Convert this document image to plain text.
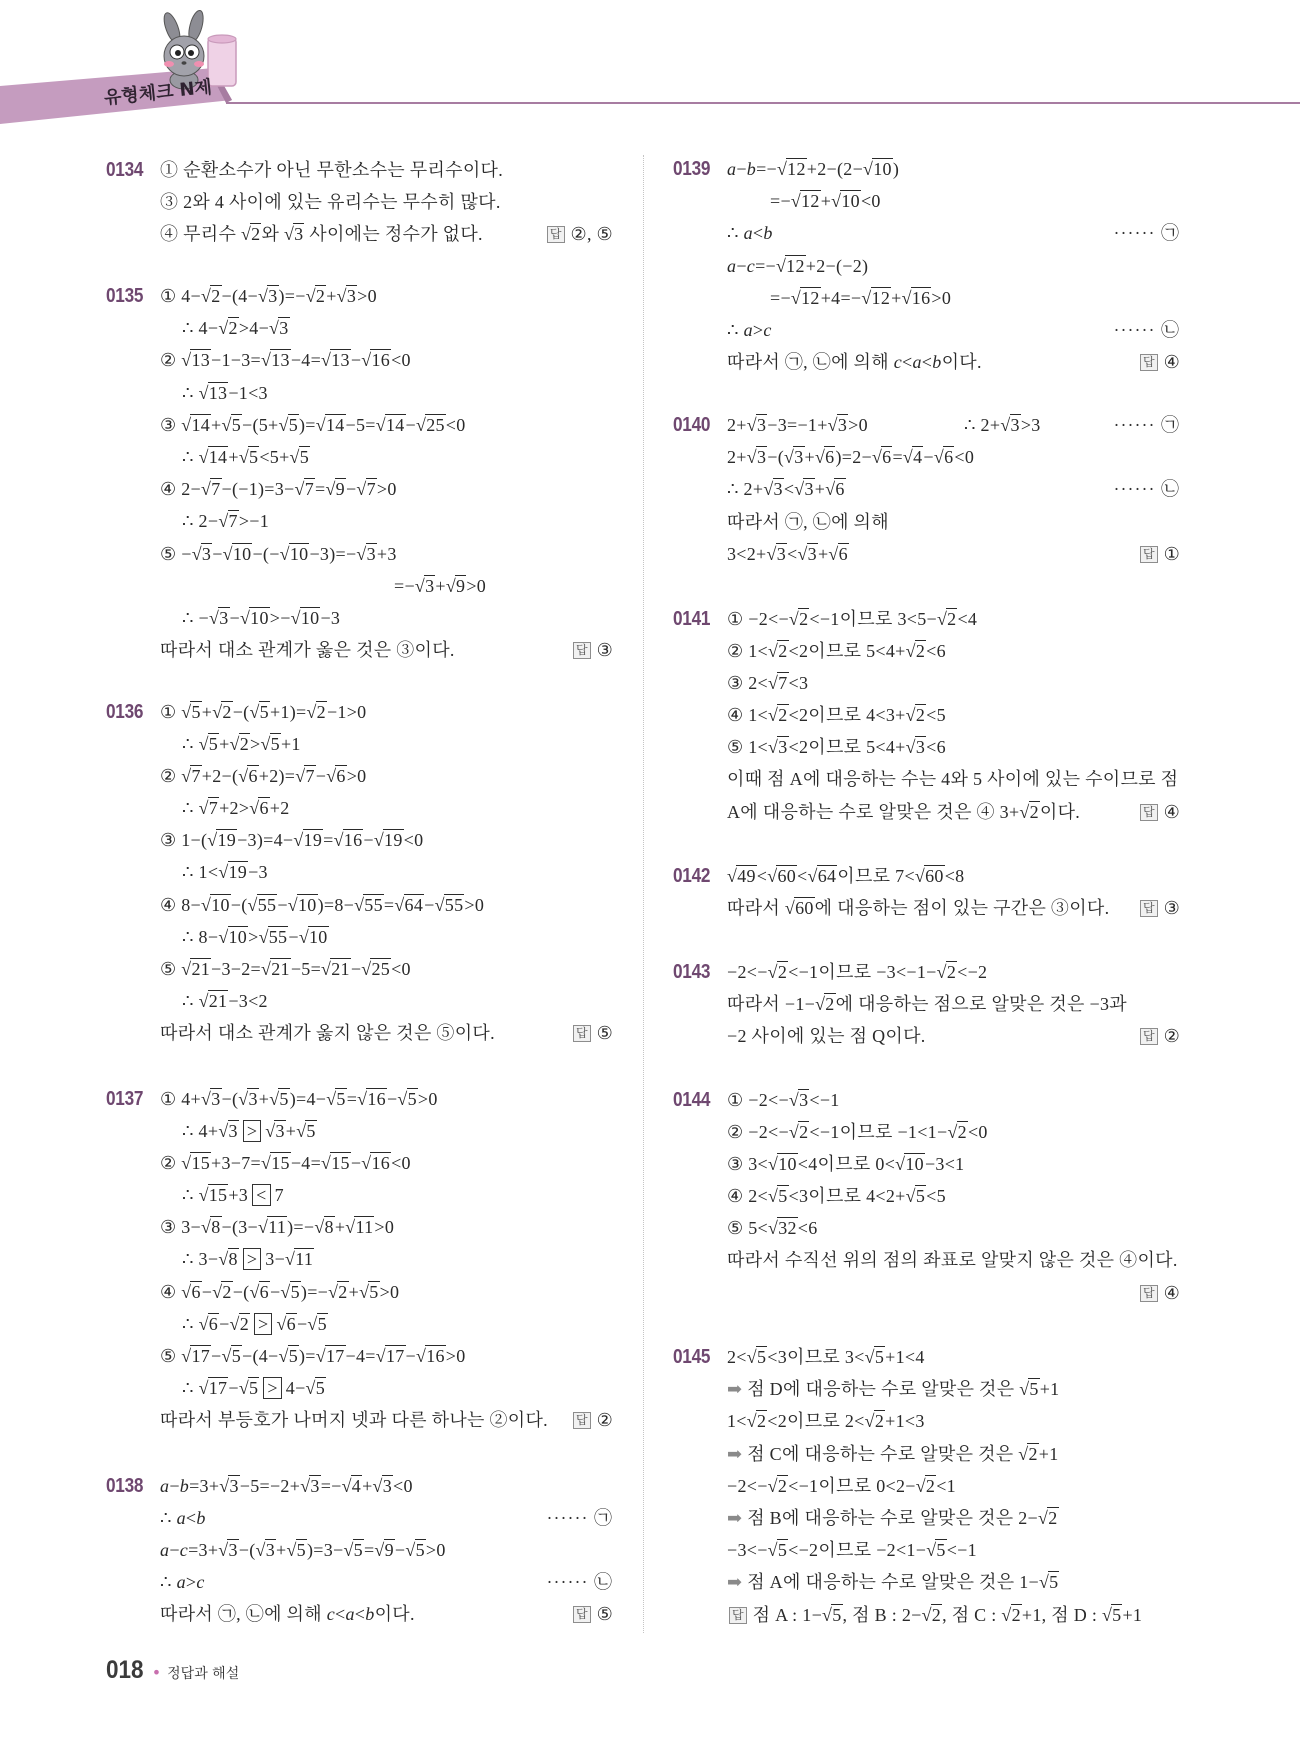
유형체크 N제
0134 ① 순환소수가 아닌 무한소수는 무리수이다.
③ 2와 4 사이에 있는 유리수는 무수히 많다.
④ 무리수 √2와 √3 사이에는 정수가 없다.	답 ②, ⑤
0135 ① 4−√2−(4−√3)=−√2+√3>0
∴ 4−√2>4−√3
② √13−1−3=√13−4=√13−√16<0
∴ √13−1<3
③ √14+√5−(5+√5)=√14−5=√14−√25<0
∴ √14+√5<5+√5
④ 2−√7−(−1)=3−√7=√9−√7>0
∴ 2−√7>−1
⑤ −√3−√10−(−√10−3)=−√3+3
=−√3+√9>0
∴ −√3−√10>−√10−3
따라서 대소 관계가 옳은 것은 ③이다.	답 ③
0136 ① √5+√2−(√5+1)=√2−1>0
∴ √5+√2>√5+1
② √7+2−(√6+2)=√7−√6>0
∴ √7+2>√6+2
③ 1−(√19−3)=4−√19=√16−√19<0
∴ 1<√19−3
④ 8−√10−(√55−√10)=8−√55=√64−√55>0
∴ 8−√10>√55−√10
⑤ √21−3−2=√21−5=√21−√25<0
∴ √21−3<2
따라서 대소 관계가 옳지 않은 것은 ⑤이다.	답 ⑤
0137 ① 4+√3−(√3+√5)=4−√5=√16−√5>0
∴ 4+√3 > √3+√5
② √15+3−7=√15−4=√15−√16<0
∴ √15+3 < 7
③ 3−√8−(3−√11)=−√8+√11>0
∴ 3−√8 > 3−√11
④ √6−√2−(√6−√5)=−√2+√5>0
∴ √6−√2 > √6−√5
⑤ √17−√5−(4−√5)=√17−4=√17−√16>0
∴ √17−√5 > 4−√5
따라서 부등호가 나머지 넷과 다른 하나는 ②이다. 답 ②
0138 a−b=3+√3−5=−2+√3=−√4+√3<0
∴ a<b	······ ㉠
a−c=3+√3−(√3+√5)=3−√5=√9−√5>0
∴ a>c	······ ㉡
따라서 ㉠, ㉡에 의해 c<a<b이다.	답 ⑤
0139 a−b=−√12+2−(2−√10)
=−√12+√10<0
∴ a<b	······ ㉠
a−c=−√12+2−(−2)
=−√12+4=−√12+√16>0
∴ a>c	······ ㉡
따라서 ㉠, ㉡에 의해 c<a<b이다.	답 ④
0140 2+√3−3=−1+√3>0	∴ 2+√3>3	······ ㉠
2+√3−(√3+√6)=2−√6=√4−√6<0
∴ 2+√3<√3+√6	······ ㉡
따라서 ㉠, ㉡에 의해
3<2+√3<√3+√6	답 ①
0141 ① −2<−√2<−1이므로 3<5−√2<4
② 1<√2<2이므로 5<4+√2<6
③ 2<√7<3
④ 1<√2<2이므로 4<3+√2<5
⑤ 1<√3<2이므로 5<4+√3<6
이때 점 A에 대응하는 수는 4와 5 사이에 있는 수이므로 점
A에 대응하는 수로 알맞은 것은 ④ 3+√2이다.	답 ④
0142 √49<√60<√64이므로 7<√60<8
따라서 √60에 대응하는 점이 있는 구간은 ③이다.	답 ③
0143 −2<−√2<−1이므로 −3<−1−√2<−2
따라서 −1−√2에 대응하는 점으로 알맞은 것은 −3과
−2 사이에 있는 점 Q이다.	답 ②
0144 ① −2<−√3<−1
② −2<−√2<−1이므로 −1<1−√2<0
③ 3<√10<4이므로 0<√10−3<1
④ 2<√5<3이므로 4<2+√5<5
⑤ 5<√32<6
따라서 수직선 위의 점의 좌표로 알맞지 않은 것은 ④이다.
답 ④
0145 2<√5<3이므로 3<√5+1<4
➡ 점 D에 대응하는 수로 알맞은 것은 √5+1
1<√2<2이므로 2<√2+1<3
➡ 점 C에 대응하는 수로 알맞은 것은 √2+1
−2<−√2<−1이므로 0<2−√2<1
➡ 점 B에 대응하는 수로 알맞은 것은 2−√2
−3<−√5<−2이므로 −2<1−√5<−1
➡ 점 A에 대응하는 수로 알맞은 것은 1−√5
답 점 A : 1−√5, 점 B : 2−√2, 점 C : √2+1, 점 D : √5+1
018 • 정답과 해설
